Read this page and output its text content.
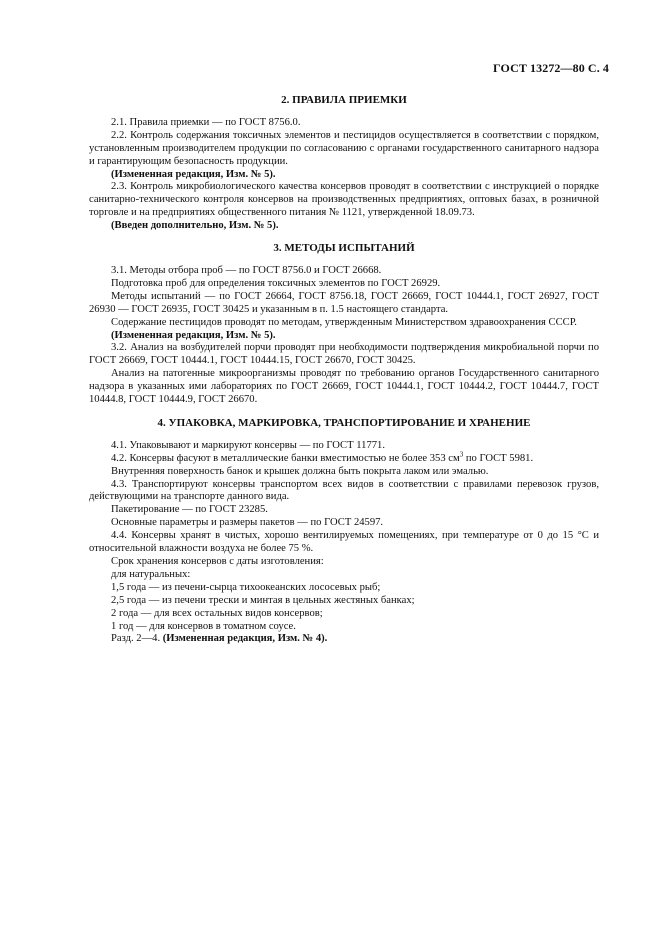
ГОСТ 13272—80 С. 4
2. ПРАВИЛА ПРИЕМКИ

2.1. Правила приемки — по ГОСТ 8756.0.

2.2. Контроль содержания токсичных элементов и пестицидов осуществляется в соответствии с порядком, установленным производителем продукции по согласованию с органами государственного санитарного надзора и гарантирующим безопасность продукции.

(Измененная редакция, Изм. № 5).

2.3. Контроль микробиологического качества консервов проводят в соответствии с инструкцией о порядке санитарно-технического контроля консервов на производственных предприятиях, оптовых базах, в розничной торговле и на предприятиях общественного питания № 1121, утвержденной 18.09.73.

(Введен дополнительно, Изм. № 5).

3. МЕТОДЫ ИСПЫТАНИЙ

3.1. Методы отбора проб — по ГОСТ 8756.0 и ГОСТ 26668.

Подготовка проб для определения токсичных элементов по ГОСТ 26929.

Методы испытаний — по ГОСТ 26664, ГОСТ 8756.18, ГОСТ 26669, ГОСТ 10444.1, ГОСТ 26927, ГОСТ 26930 — ГОСТ 26935, ГОСТ 30425 и указанным в п. 1.5 настоящего стандарта.

Содержание пестицидов проводят по методам, утвержденным Министерством здравоохранения СССР.

(Измененная редакция, Изм. № 5).

3.2. Анализ на возбудителей порчи проводят при необходимости подтверждения микробиальной порчи по ГОСТ 26669, ГОСТ 10444.1, ГОСТ 10444.15, ГОСТ 26670, ГОСТ 30425.

Анализ на патогенные микроорганизмы проводят по требованию органов Государственного санитарного надзора в указанных ими лабораториях по ГОСТ 26669, ГОСТ 10444.1, ГОСТ 10444.2, ГОСТ 10444.7, ГОСТ 10444.8, ГОСТ 10444.9, ГОСТ 26670.

4. УПАКОВКА, МАРКИРОВКА, ТРАНСПОРТИРОВАНИЕ И ХРАНЕНИЕ

4.1. Упаковывают и маркируют консервы — по ГОСТ 11771.

4.2. Консервы фасуют в металлические банки вместимостью не более 353 $см^3$ по ГОСТ 5981.

Внутренняя поверхность банок и крышек должна быть покрыта лаком или эмалью.

4.3. Транспортируют консервы транспортом всех видов в соответствии с правилами перевозок грузов, действующими на транспорте данного вида.

Пакетирование — по ГОСТ 23285.

Основные параметры и размеры пакетов — по ГОСТ 24597.

4.4. Консервы хранят в чистых, хорошо вентилируемых помещениях, при температуре от 0 до 15 °С и относительной влажности воздуха не более 75 %.

Срок хранения консервов с даты изготовления:

для натуральных:

1,5 года — из печени-сырца тихоокеанских лососевых рыб;

2,5 года — из печени трески и минтая в цельных жестяных банках;

2 года — для всех остальных видов консервов;

1 год — для консервов в томатном соусе.

Разд. 2—4. (Измененная редакция, Изм. № 4).
